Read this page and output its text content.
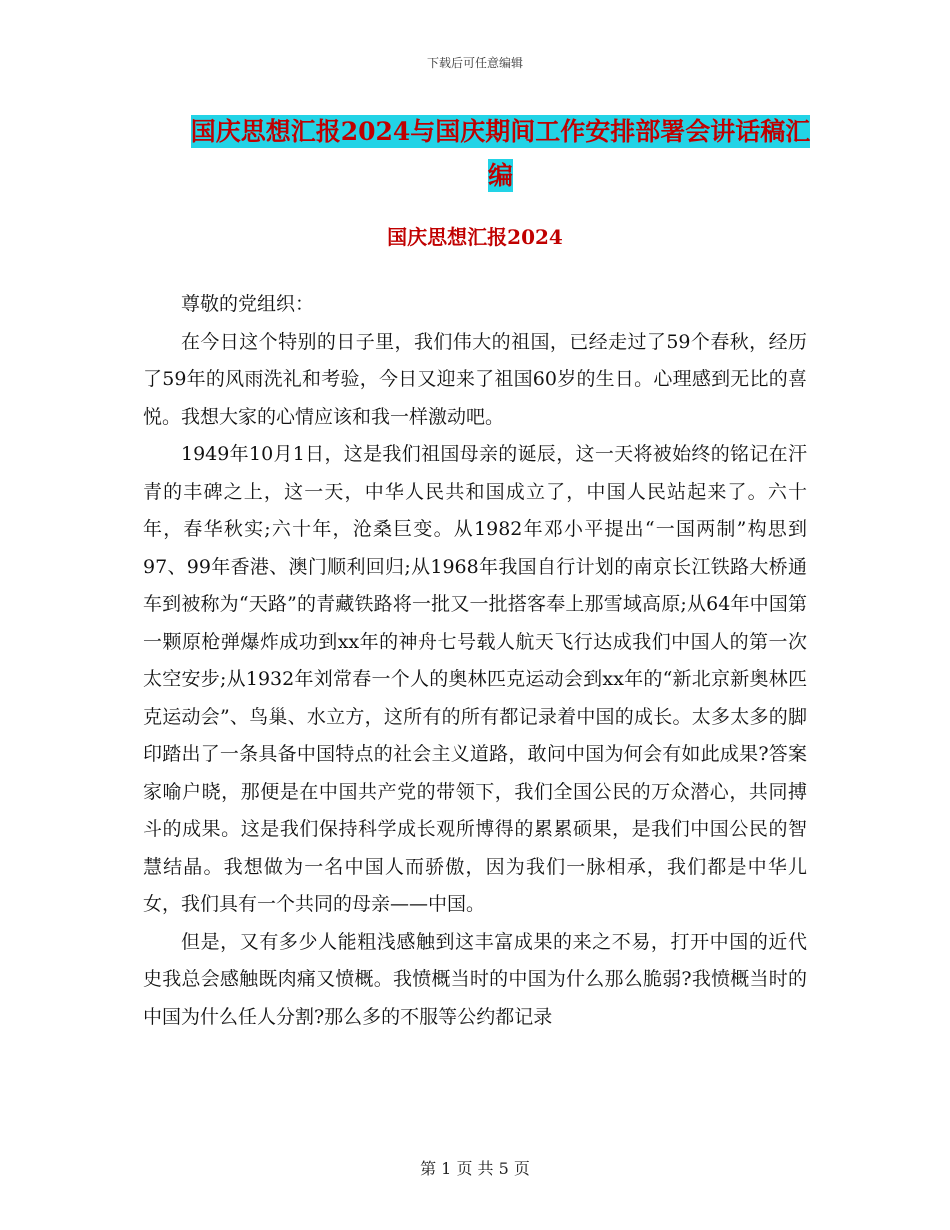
下载后可任意编辑
国庆思想汇报2024与国庆期间工作安排部署会讲话稿汇编
国庆思想汇报2024

尊敬的党组织：

在今日这个特别的日子里，我们伟大的祖国，已经走过了59个春秋，经历了59年的风雨洗礼和考验，今日又迎来了祖国60岁的生日。心理感到无比的喜悦。我想大家的心情应该和我一样激动吧。

1949年10月1日，这是我们祖国母亲的诞辰，这一天将被始终的铭记在汗青的丰碑之上，这一天，中华人民共和国成立了，中国人民站起来了。六十年，春华秋实;六十年，沧桑巨变。从1982年邓小平提出“一国两制”构思到97、99年香港、澳门顺利回归;从1968年我国自行计划的南京长江铁路大桥通车到被称为“天路”的青藏铁路将一批又一批搭客奉上那雪域高原;从64年中国第一颗原枪弹爆炸成功到xx年的神舟七号载人航天飞行达成我们中国人的第一次太空安步;从1932年刘常春一个人的奥林匹克运动会到xx年的“新北京新奥林匹克运动会”、鸟巢、水立方，这所有的所有都记录着中国的成长。太多太多的脚印踏出了一条具备中国特点的社会主义道路，敢问中国为何会有如此成果?答案家喻户晓，那便是在中国共产党的带领下，我们全国公民的万众潜心，共同搏斗的成果。这是我们保持科学成长观所博得的累累硕果，是我们中国公民的智慧结晶。我想做为一名中国人而骄傲，因为我们一脉相承，我们都是中华儿女，我们具有一个共同的母亲——中国。

但是，又有多少人能粗浅感触到这丰富成果的来之不易，打开中国的近代史我总会感触既肉痛又愤概。我愤概当时的中国为什么那么脆弱?我愤概当时的中国为什么任人分割?那么多的不服等公约都记录

第 1 页 共 5 页
